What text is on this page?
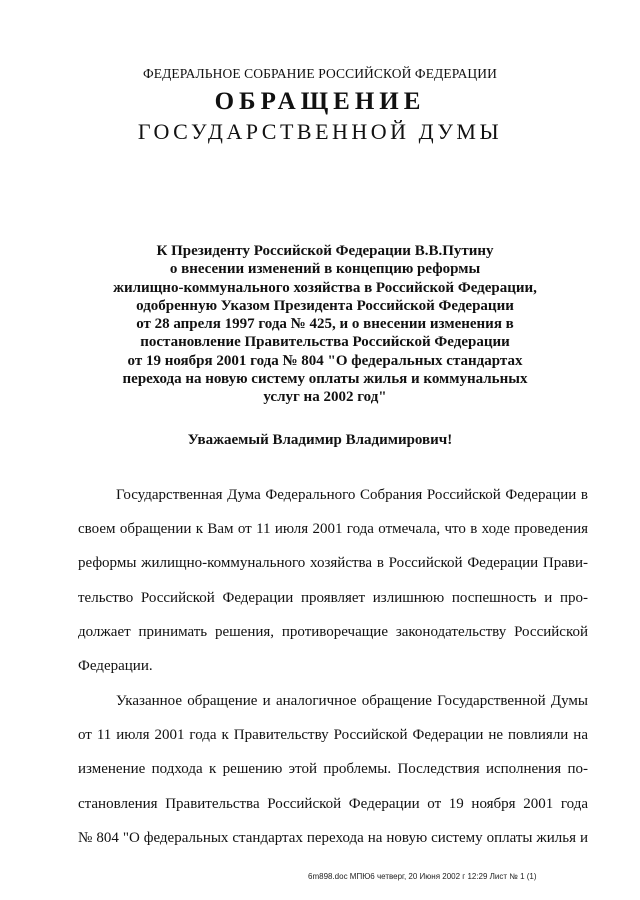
ФЕДЕРАЛЬНОЕ СОБРАНИЕ РОССИЙСКОЙ ФЕДЕРАЦИИ
ОБРАЩЕНИЕ
ГОСУДАРСТВЕННОЙ ДУМЫ
К Президенту Российской Федерации В.В.Путину
о внесении изменений в концепцию реформы
жилищно-коммунального хозяйства в Российской Федерации,
одобренную Указом Президента Российской Федерации
от 28 апреля 1997 года № 425, и о внесении изменения в
постановление Правительства Российской Федерации
от 19 ноября 2001 года № 804 "О федеральных стандартах
перехода на новую систему оплаты жилья и коммунальных
услуг на 2002 год"
Уважаемый Владимир Владимирович!
Государственная Дума Федерального Собрания Российской Федерации в
своем обращении к Вам от 11 июля 2001 года отмечала, что в ходе проведения
реформы жилищно-коммунального хозяйства в Российской Федерации Прави-
тельство Российской Федерации проявляет излишнюю поспешность и про-
должает принимать решения, противоречащие законодательству Российской
Федерации.
Указанное обращение и аналогичное обращение Государственной Думы
от 11 июля 2001 года к Правительству Российской Федерации не повлияли на
изменение подхода к решению этой проблемы. Последствия исполнения по-
становления Правительства Российской Федерации от 19 ноября 2001 года
№ 804 "О федеральных стандартах перехода на новую систему оплаты жилья и
6m898.doc МПЮ6 четверг, 20 Июня 2002 г 12:29 Лист № 1 (1)
